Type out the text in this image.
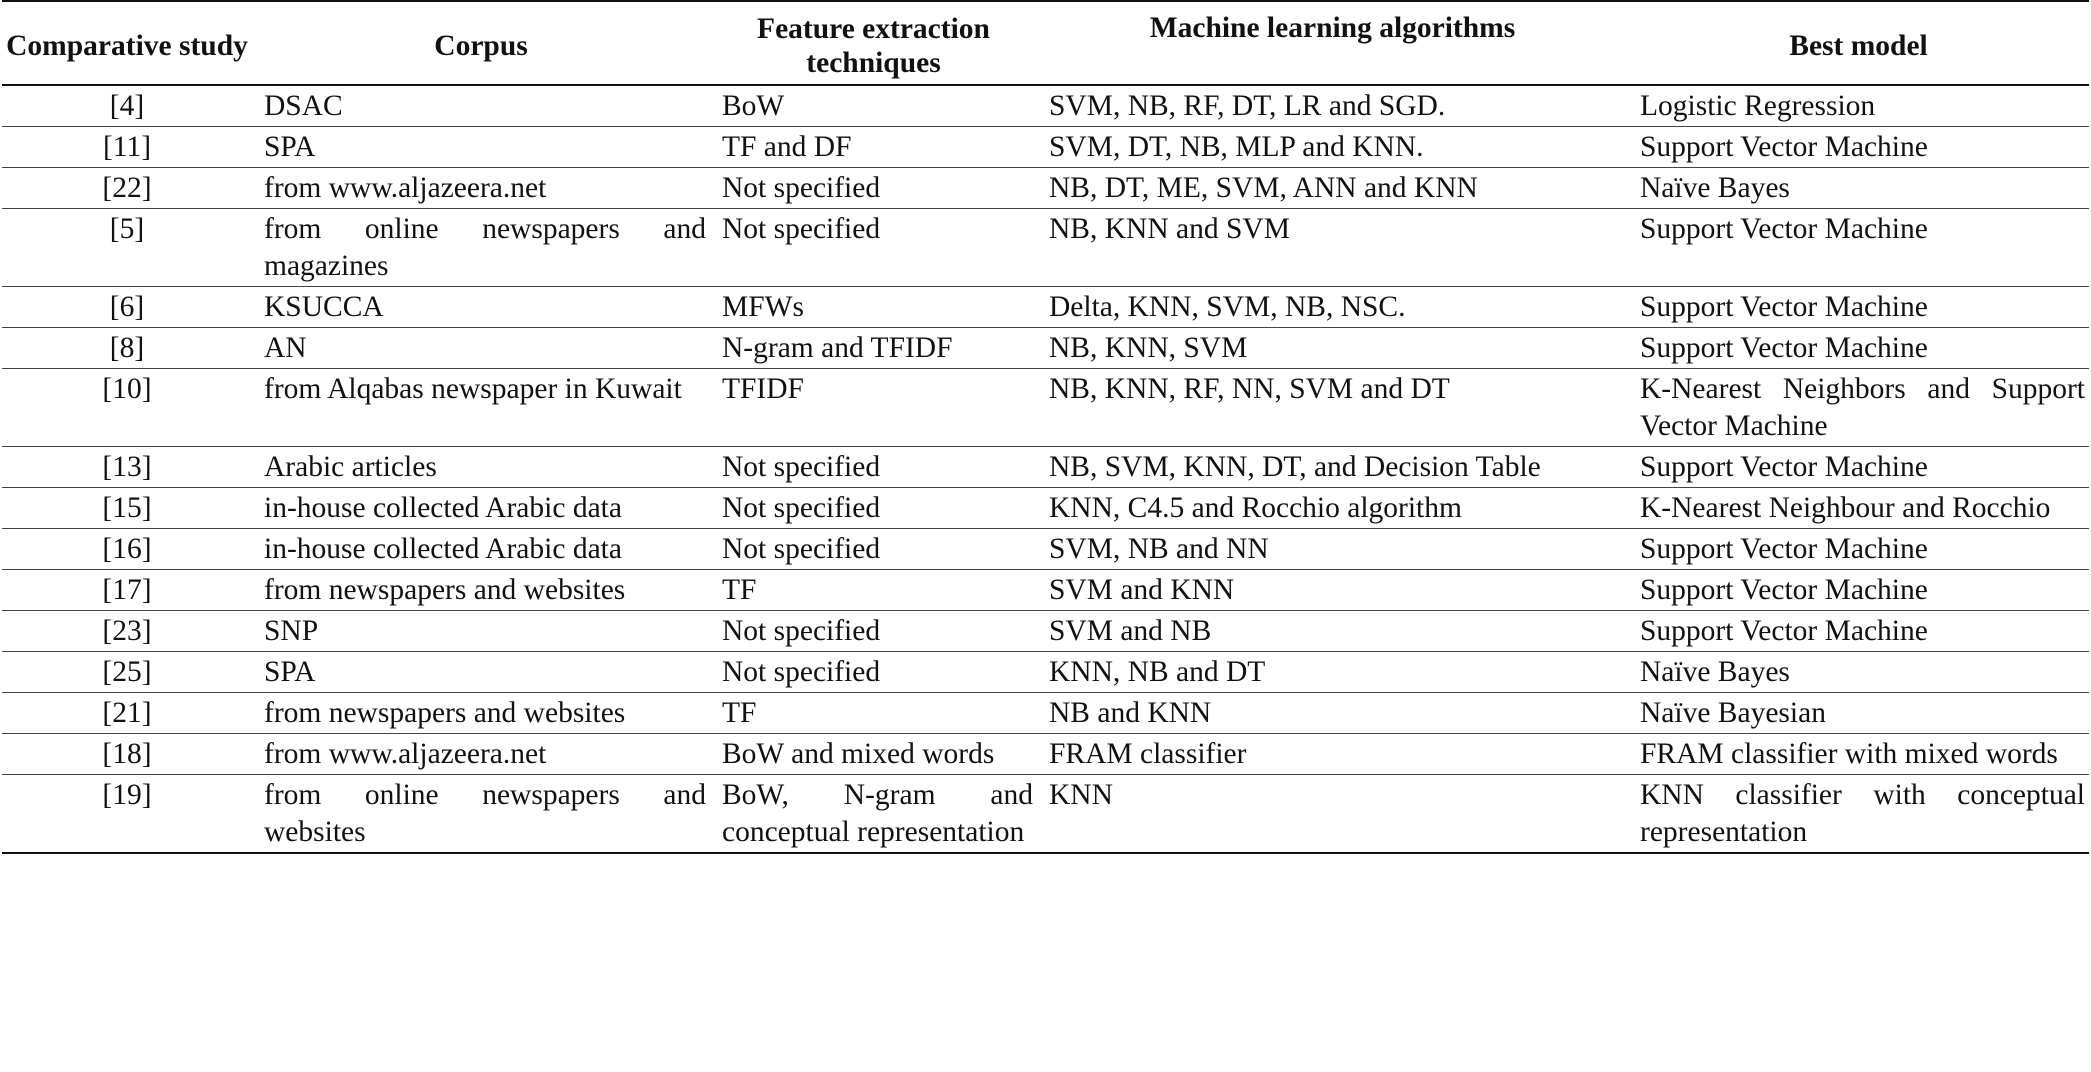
Comparative study	Corpus	Feature extraction techniques	Machine learning algorithms	Best model
[4]	DSAC	BoW	SVM, NB, RF, DT, LR and SGD.	Logistic Regression
[11]	SPA	TF and DF	SVM, DT, NB, MLP and KNN.	Support Vector Machine
[22]	from www.aljazeera.net	Not specified	NB, DT, ME, SVM, ANN and KNN	Naïve Bayes
[5]	from online newspapers and magazines	Not specified	NB, KNN and SVM	Support Vector Machine
[6]	KSUCCA	MFWs	Delta, KNN, SVM, NB, NSC.	Support Vector Machine
[8]	AN	N-gram and TFIDF	NB, KNN, SVM	Support Vector Machine
[10]	from Alqabas newspaper in Kuwait	TFIDF	NB, KNN, RF, NN, SVM and DT	K-Nearest Neighbors and Support Vector Machine
[13]	Arabic articles	Not specified	NB, SVM, KNN, DT, and Decision Table	Support Vector Machine
[15]	in-house collected Arabic data	Not specified	KNN, C4.5 and Rocchio algorithm	K-Nearest Neighbour and Rocchio
[16]	in-house collected Arabic data	Not specified	SVM, NB and NN	Support Vector Machine
[17]	from newspapers and websites	TF	SVM and KNN	Support Vector Machine
[23]	SNP	Not specified	SVM and NB	Support Vector Machine
[25]	SPA	Not specified	KNN, NB and DT	Naïve Bayes
[21]	from newspapers and websites	TF	NB and KNN	Naïve Bayesian
[18]	from www.aljazeera.net	BoW and mixed words	FRAM classifier	FRAM classifier with mixed words
[19]	from online newspapers and websites	BoW, N-gram and conceptual representation	KNN	KNN classifier with conceptual representation
